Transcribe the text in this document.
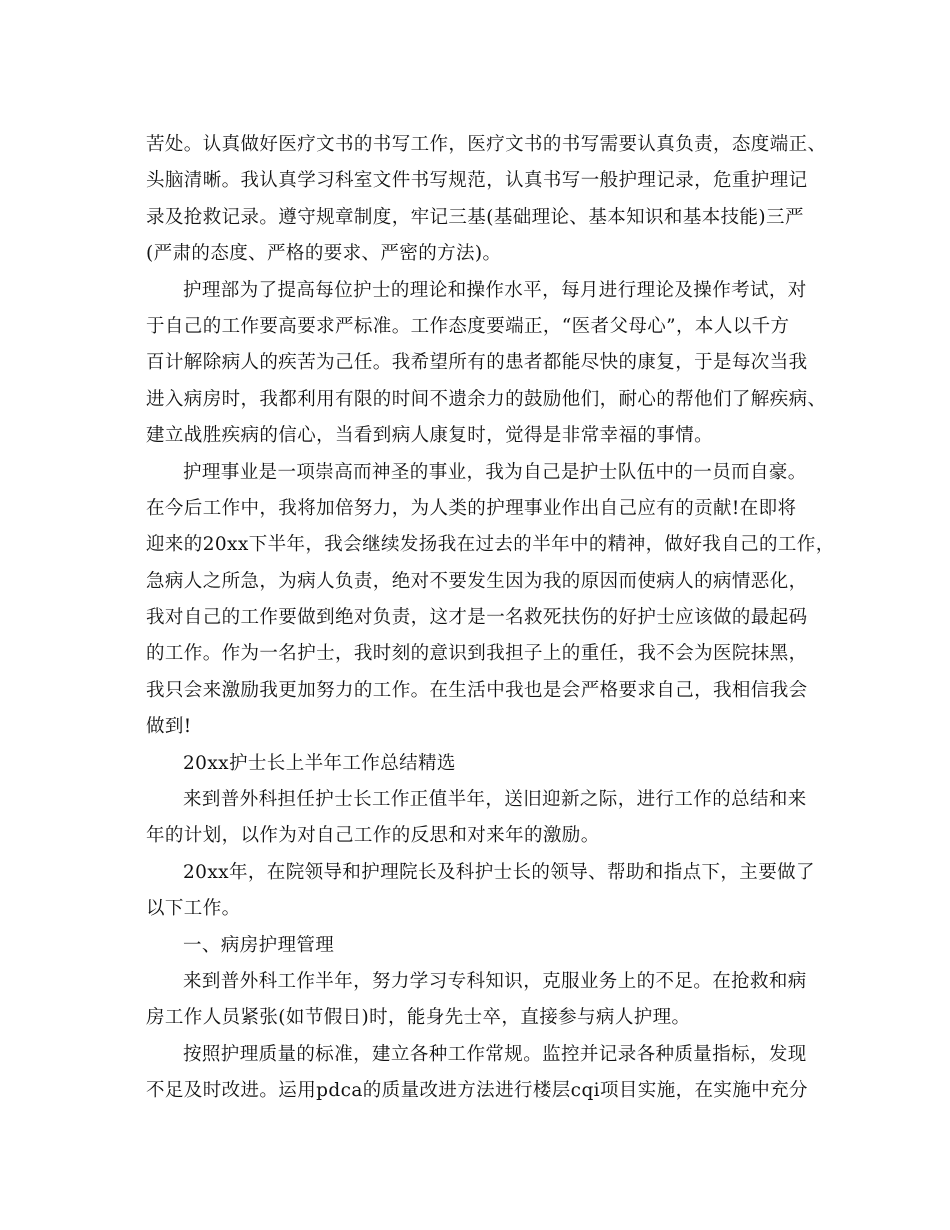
苦处。认真做好医疗文书的书写工作，医疗文书的书写需要认真负责，态度端正、
头脑清晰。我认真学习科室文件书写规范，认真书写一般护理记录，危重护理记
录及抢救记录。遵守规章制度，牢记三基(基础理论、基本知识和基本技能)三严
(严肃的态度、严格的要求、严密的方法)。
护理部为了提高每位护士的理论和操作水平，每月进行理论及操作考试，对
于自己的工作要高要求严标准。工作态度要端正，“医者父母心”，本人以千方
百计解除病人的疾苦为己任。我希望所有的患者都能尽快的康复，于是每次当我
进入病房时，我都利用有限的时间不遗余力的鼓励他们，耐心的帮他们了解疾病、
建立战胜疾病的信心，当看到病人康复时，觉得是非常幸福的事情。
护理事业是一项崇高而神圣的事业，我为自己是护士队伍中的一员而自豪。
在今后工作中，我将加倍努力，为人类的护理事业作出自己应有的贡献!在即将
迎来的20xx下半年，我会继续发扬我在过去的半年中的精神，做好我自己的工作，
急病人之所急，为病人负责，绝对不要发生因为我的原因而使病人的病情恶化，
我对自己的工作要做到绝对负责，这才是一名救死扶伤的好护士应该做的最起码
的工作。作为一名护士，我时刻的意识到我担子上的重任，我不会为医院抹黑，
我只会来激励我更加努力的工作。在生活中我也是会严格要求自己，我相信我会
做到!
20xx护士长上半年工作总结精选
来到普外科担任护士长工作正值半年，送旧迎新之际，进行工作的总结和来
年的计划，以作为对自己工作的反思和对来年的激励。
20xx年，在院领导和护理院长及科护士长的领导、帮助和指点下，主要做了
以下工作。
一、病房护理管理
来到普外科工作半年，努力学习专科知识，克服业务上的不足。在抢救和病
房工作人员紧张(如节假日)时，能身先士卒，直接参与病人护理。
按照护理质量的标准，建立各种工作常规。监控并记录各种质量指标，发现
不足及时改进。运用pdca的质量改进方法进行楼层cqi项目实施，在实施中充分
